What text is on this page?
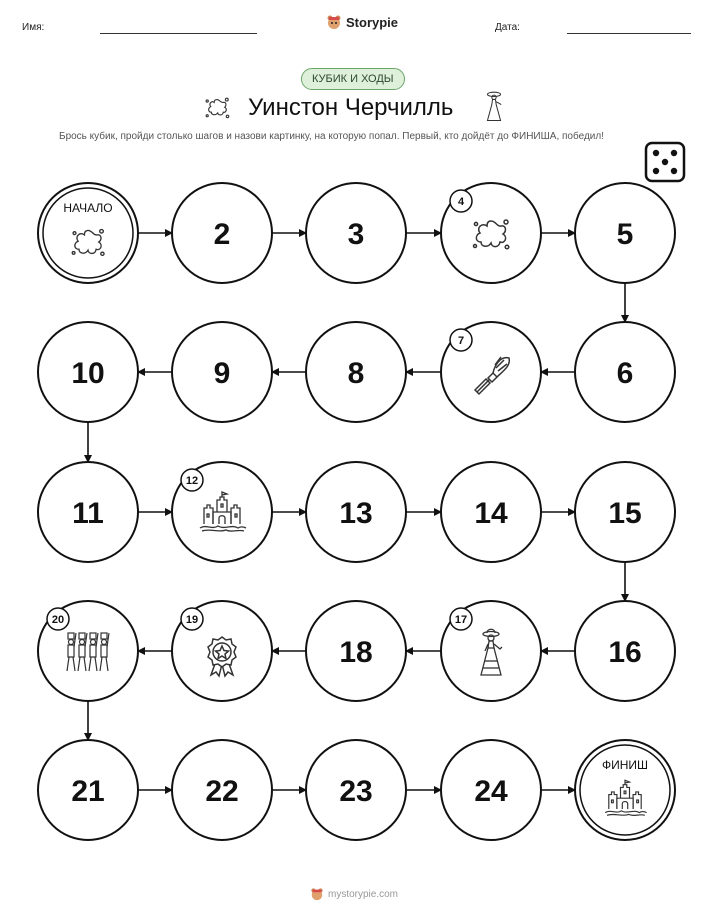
Имя:	Storypie	Дата:
КУБИК И ХОДЫ
Уинстон Черчилль
Брось кубик, пройди столько шагов и назови картинку, на которую попал. Первый, кто дойдёт до ФИНИША, победил!
НАЧАЛО
2	3
4
5
10	9	8
7
6
11
12
13	14	15
20	19
18
17
16
21	22	23	24
ФИНИШ
mystorypie.com
